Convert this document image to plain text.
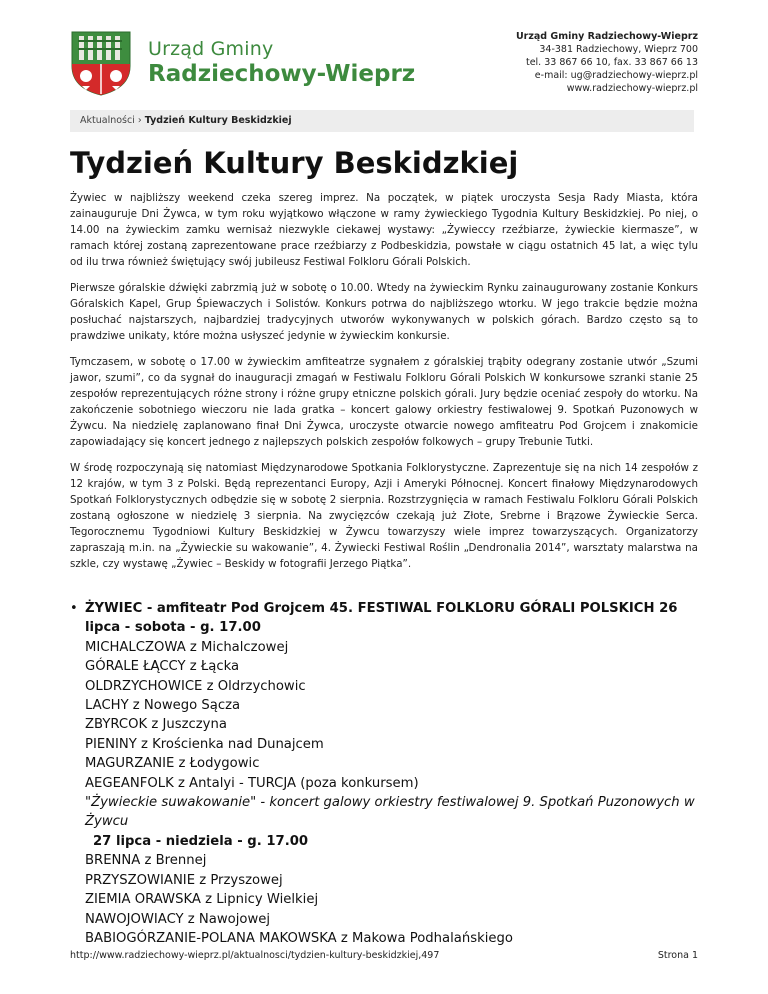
Urząd Gminy
Radziechowy-Wieprz
Urząd Gminy Radziechowy-Wieprz
34-381 Radziechowy, Wieprz 700
tel. 33 867 66 10, fax. 33 867 66 13
e-mail: ug@radziechowy-wieprz.pl
www.radziechowy-wieprz.pl
Aktualności › Tydzień Kultury Beskidzkiej
Tydzień Kultury Beskidzkiej

Żywiec w najbliższy weekend czeka szereg imprez. Na początek, w piątek uroczysta Sesja Rady Miasta, która zainauguruje Dni Żywca, w tym roku wyjątkowo włączone w ramy żywieckiego Tygodnia Kultury Beskidzkiej. Po niej, o 14.00 na żywieckim zamku wernisaż niezwykle ciekawej wystawy: „Żywieccy rzeźbiarze, żywieckie kiermasze”, w ramach której zostaną zaprezentowane prace rzeźbiarzy z Podbeskidzia, powstałe w ciągu ostatnich 45 lat, a więc tylu od ilu trwa również świętujący swój jubileusz Festiwal Folkloru Górali Polskich.

Pierwsze góralskie dźwięki zabrzmią już w sobotę o 10.00. Wtedy na żywieckim Rynku zainaugurowany zostanie Konkurs Góralskich Kapel, Grup Śpiewaczych i Solistów. Konkurs potrwa do najbliższego wtorku. W jego trakcie będzie można posłuchać najstarszych, najbardziej tradycyjnych utworów wykonywanych w polskich górach. Bardzo często są to prawdziwe unikaty, które można usłyszeć jedynie w żywieckim konkursie.

Tymczasem, w sobotę o 17.00 w żywieckim amfiteatrze sygnałem z góralskiej trąbity odegrany zostanie utwór „Szumi jawor, szumi”, co da sygnał do inauguracji zmagań w Festiwalu Folkloru Górali Polskich W konkursowe szranki stanie 25 zespołów reprezentujących różne strony i różne grupy etniczne polskich górali. Jury będzie oceniać zespoły do wtorku. Na zakończenie sobotniego wieczoru nie lada gratka – koncert galowy orkiestry festiwalowej 9. Spotkań Puzonowych w Żywcu. Na niedzielę zaplanowano finał Dni Żywca, uroczyste otwarcie nowego amfiteatru Pod Grojcem i znakomicie zapowiadający się koncert jednego z najlepszych polskich zespołów folkowych – grupy Trebunie Tutki.

W środę rozpoczynają się natomiast Międzynarodowe Spotkania Folklorystyczne. Zaprezentuje się na nich 14 zespołów z 12 krajów, w tym 3 z Polski. Będą reprezentanci Europy, Azji i Ameryki Północnej. Koncert finałowy Międzynarodowych Spotkań Folklorystycznych odbędzie się w sobotę 2 sierpnia. Rozstrzygnięcia w ramach Festiwalu Folkloru Górali Polskich zostaną ogłoszone w niedzielę 3 sierpnia. Na zwycięzców czekają już Złote, Srebrne i Brązowe Żywieckie Serca. Tegorocznemu Tygodniowi Kultury Beskidzkiej w Żywcu towarzyszy wiele imprez towarzyszących. Organizatorzy zapraszają m.in. na „Żywieckie su wakowanie”, 4. Żywiecki Festiwal Roślin „Dendronalia 2014”, warsztaty malarstwa na szkle, czy wystawę „Żywiec – Beskidy w fotografii Jerzego Piątka”.

• ŻYWIEC - amfiteatr Pod Grojcem 45. FESTIWAL FOLKLORU GÓRALI POLSKICH 26
lipca - sobota - g. 17.00
MICHALCZOWA z Michalczowej
GÓRALE ŁĄCCY z Łącka
OLDRZYCHOWICE z Oldrzychowic
LACHY z Nowego Sącza
ZBYRCOK z Juszczyna
PIENINY z Krościenka nad Dunajcem
MAGURZANIE z Łodygowic
AEGEANFOLK z Antalyi - TURCJA (poza konkursem)
"Żywieckie suwakowanie" - koncert galowy orkiestry festiwalowej 9. Spotkań Puzonowych w
Żywcu
27 lipca - niedziela - g. 17.00
BRENNA z Brennej
PRZYSZOWIANIE z Przyszowej
ZIEMIA ORAWSKA z Lipnicy Wielkiej
NAWOJOWIACY z Nawojowej
BABIOGÓRZANIE-POLANA MAKOWSKA z Makowa Podhalańskiego
http://www.radziechowy-wieprz.pl/aktualnosci/tydzien-kultury-beskidzkiej,497	Strona 1
